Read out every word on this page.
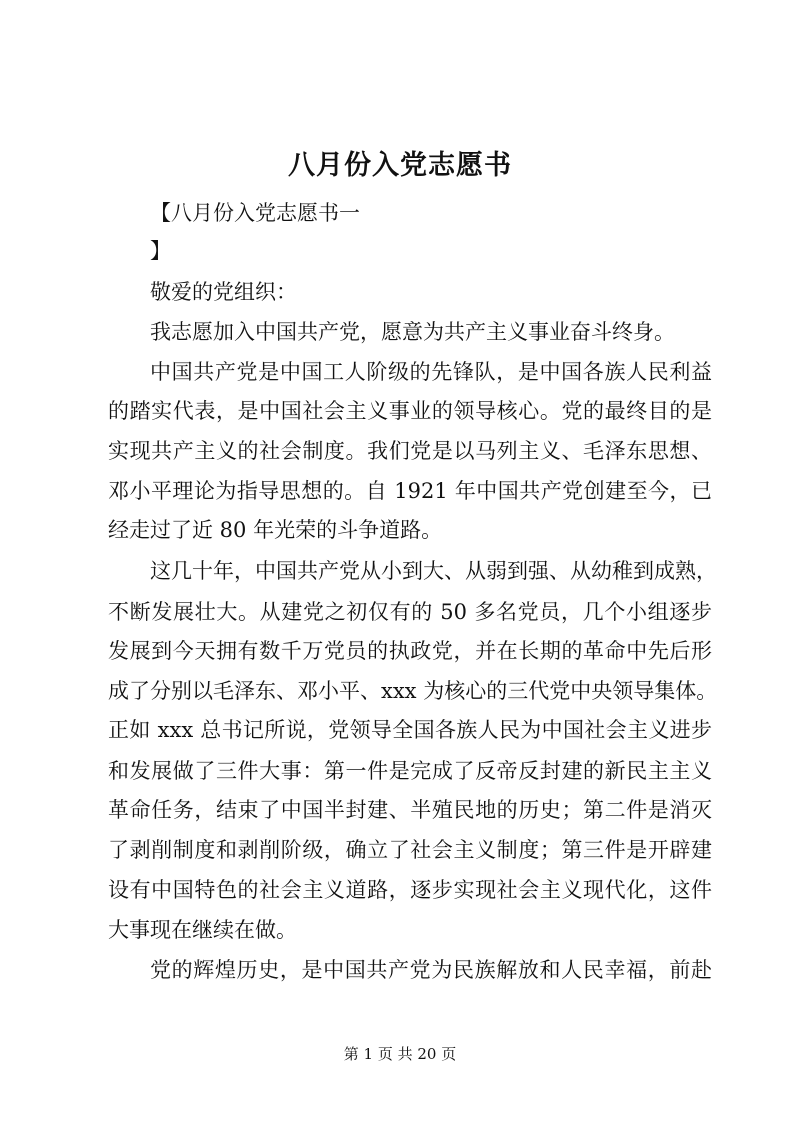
八月份入党志愿书
【八月份入党志愿书一
】
敬爱的党组织：
我志愿加入中国共产党，愿意为共产主义事业奋斗终身。
中国共产党是中国工人阶级的先锋队，是中国各族人民利益
的踏实代表，是中国社会主义事业的领导核心。党的最终目的是
实现共产主义的社会制度。我们党是以马列主义、毛泽东思想、
邓小平理论为指导思想的。自 1921 年中国共产党创建至今，已
经走过了近 80 年光荣的斗争道路。
这几十年，中国共产党从小到大、从弱到强、从幼稚到成熟，
不断发展壮大。从建党之初仅有的 50 多名党员，几个小组逐步
发展到今天拥有数千万党员的执政党，并在长期的革命中先后形
成了分别以毛泽东、邓小平、xxx 为核心的三代党中央领导集体。
正如 xxx 总书记所说，党领导全国各族人民为中国社会主义进步
和发展做了三件大事：第一件是完成了反帝反封建的新民主主义
革命任务，结束了中国半封建、半殖民地的历史；第二件是消灭
了剥削制度和剥削阶级，确立了社会主义制度；第三件是开辟建
设有中国特色的社会主义道路，逐步实现社会主义现代化，这件
大事现在继续在做。
党的辉煌历史，是中国共产党为民族解放和人民幸福，前赴
第 1 页 共 20 页
